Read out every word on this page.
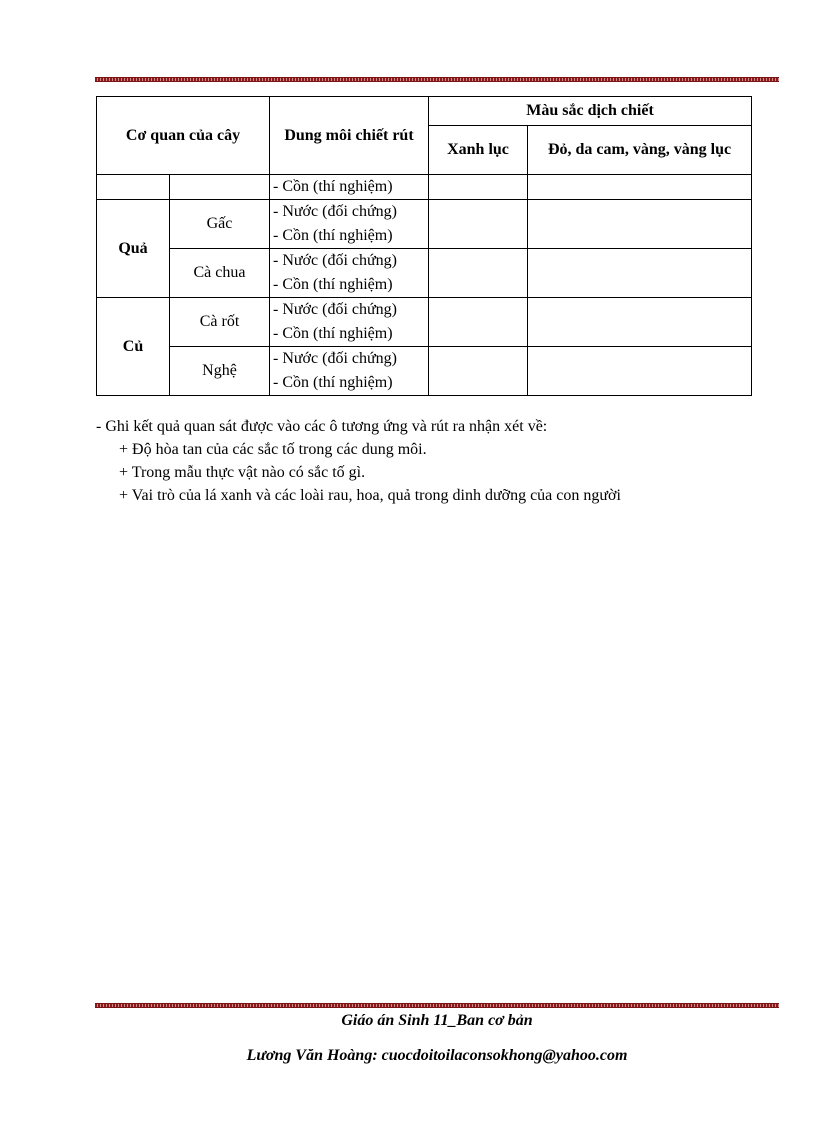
Cơ quan của cây		Dung môi chiết rút	Màu sắc dịch chiết	
			Xanh lục	Đỏ, da cam, vàng, vàng lục
		- Cồn (thí nghiệm)		
Quả	Gấc	- Nước (đối chứng)
- Cồn (thí nghiệm)		

	Cà chua	- Nước (đối chứng)
- Cồn (thí nghiệm)		

Củ	Cà rốt	- Nước (đối chứng)
- Cồn (thí nghiệm)		

	Nghệ	- Nước (đối chứng)
- Cồn (thí nghiệm)		

- Ghi kết quả quan sát được vào các ô tương ứng và rút ra nhận xét về:
+ Độ hòa tan của các sắc tố trong các dung môi.
+ Trong mẫu thực vật nào có sắc tố gì.
+ Vai trò của lá xanh và các loài rau, hoa, quả trong dinh dưỡng của con người
Giáo án Sinh 11_Ban cơ bản
Lương Văn Hoàng: cuocdoitoilaconsokhong@yahoo.com
